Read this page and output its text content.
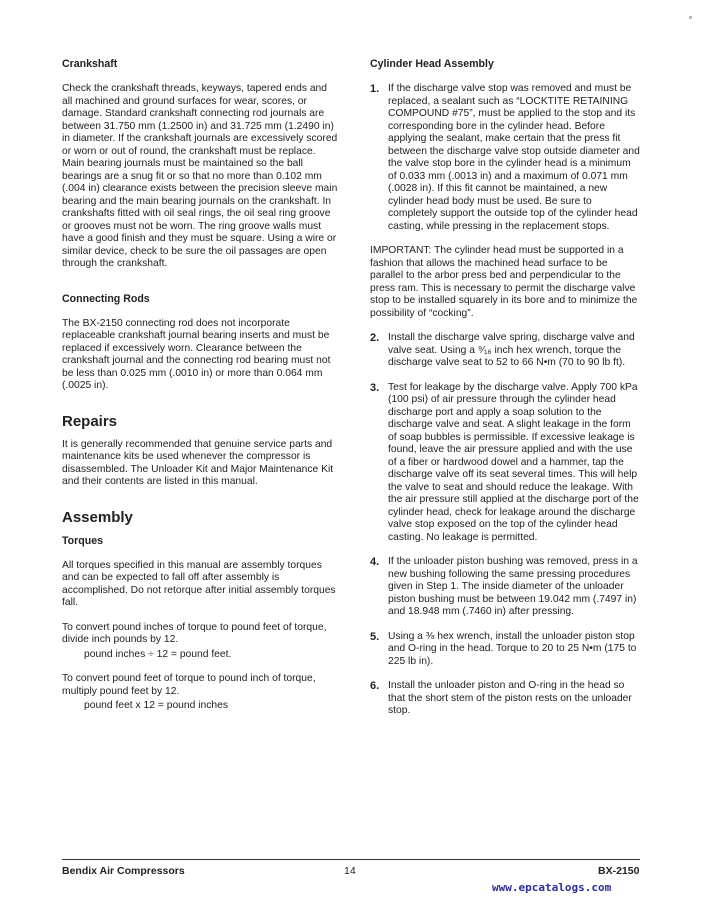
Crankshaft
Check the crankshaft threads, keyways, tapered ends and all machined and ground surfaces for wear, scores, or damage. Standard crankshaft connecting rod journals are between 31.750 mm (1.2500 in) and 31.725 mm (1.2490 in) in diameter. If the crankshaft journals are excessively scored or worn or out of round, the crankshaft must be replace. Main bearing journals must be maintained so the ball bearings are a snug fit or so that no more than 0.102 mm (.004 in) clearance exists between the precision sleeve main bearing and the main bearing journals on the crankshaft. In crankshafts fitted with oil seal rings, the oil seal ring groove or grooves must not be worn. The ring groove walls must have a good finish and they must be square. Using a wire or similar device, check to be sure the oil passages are open through the crankshaft.
Connecting Rods
The BX-2150 connecting rod does not incorporate replaceable crankshaft journal bearing inserts and must be replaced if excessively worn. Clearance between the crankshaft journal and the connecting rod bearing must not be less than 0.025 mm (.0010 in) or more than 0.064 mm (.0025 in).
Repairs
It is generally recommended that genuine service parts and maintenance kits be used whenever the compressor is disassembled. The Unloader Kit and Major Maintenance Kit and their contents are listed in this manual.
Assembly
Torques
All torques specified in this manual are assembly torques and can be expected to fall off after assembly is accomplished. Do not retorque after initial assembly torques fall.
To convert pound inches of torque to pound feet of torque, divide inch pounds by 12.
pound inches ÷ 12 = pound feet.
To convert pound feet of torque to pound inch of torque, multiply pound feet by 12.
pound feet x 12 = pound inches
Cylinder Head Assembly
1. If the discharge valve stop was removed and must be replaced, a sealant such as “LOCKTITE RETAINING COMPOUND #75”, must be applied to the stop and its corresponding bore in the cylinder head. Before applying the sealant, make certain that the press fit between the discharge valve stop outside diameter and the valve stop bore in the cylinder head is a minimum of 0.033 mm (.0013 in) and a maximum of 0.071 mm (.0028 in). If this fit cannot be maintained, a new cylinder head body must be used. Be sure to completely support the outside top of the cylinder head casting, while pressing in the replacement stops.
IMPORTANT: The cylinder head must be supported in a fashion that allows the machined head surface to be parallel to the arbor press bed and perpendicular to the press ram. This is necessary to permit the discharge valve stop to be installed squarely in its bore and to minimize the possibility of “cocking”.
2. Install the discharge valve spring, discharge valve and valve seat. Using a ⁹⁄₁₆ inch hex wrench, torque the discharge valve seat to 52 to 66 N•m (70 to 90 lb ft).
3. Test for leakage by the discharge valve. Apply 700 kPa (100 psi) of air pressure through the cylinder head discharge port and apply a soap solution to the discharge valve and seat. A slight leakage in the form of soap bubbles is permissible. If excessive leakage is found, leave the air pressure applied and with the use of a fiber or hardwood dowel and a hammer, tap the discharge valve off its seat several times. This will help the valve to seat and should reduce the leakage. With the air pressure still applied at the discharge port of the cylinder head, check for leakage around the discharge valve stop exposed on the top of the cylinder head casting. No leakage is permitted.
4. If the unloader piston bushing was removed, press in a new bushing following the same pressing procedures given in Step 1. The inside diameter of the unloader piston bushing must be between 19.042 mm (.7497 in) and 18.948 mm (.7460 in) after pressing.
5. Using a ⅜ hex wrench, install the unloader piston stop and O-ring in the head. Torque to 20 to 25 N•m (175 to 225 lb in).
6. Install the unloader piston and O-ring in the head so that the short stem of the piston rests on the unloader stop.
Bendix Air Compressors	14	BX-2150
www.epcatalogs.com
